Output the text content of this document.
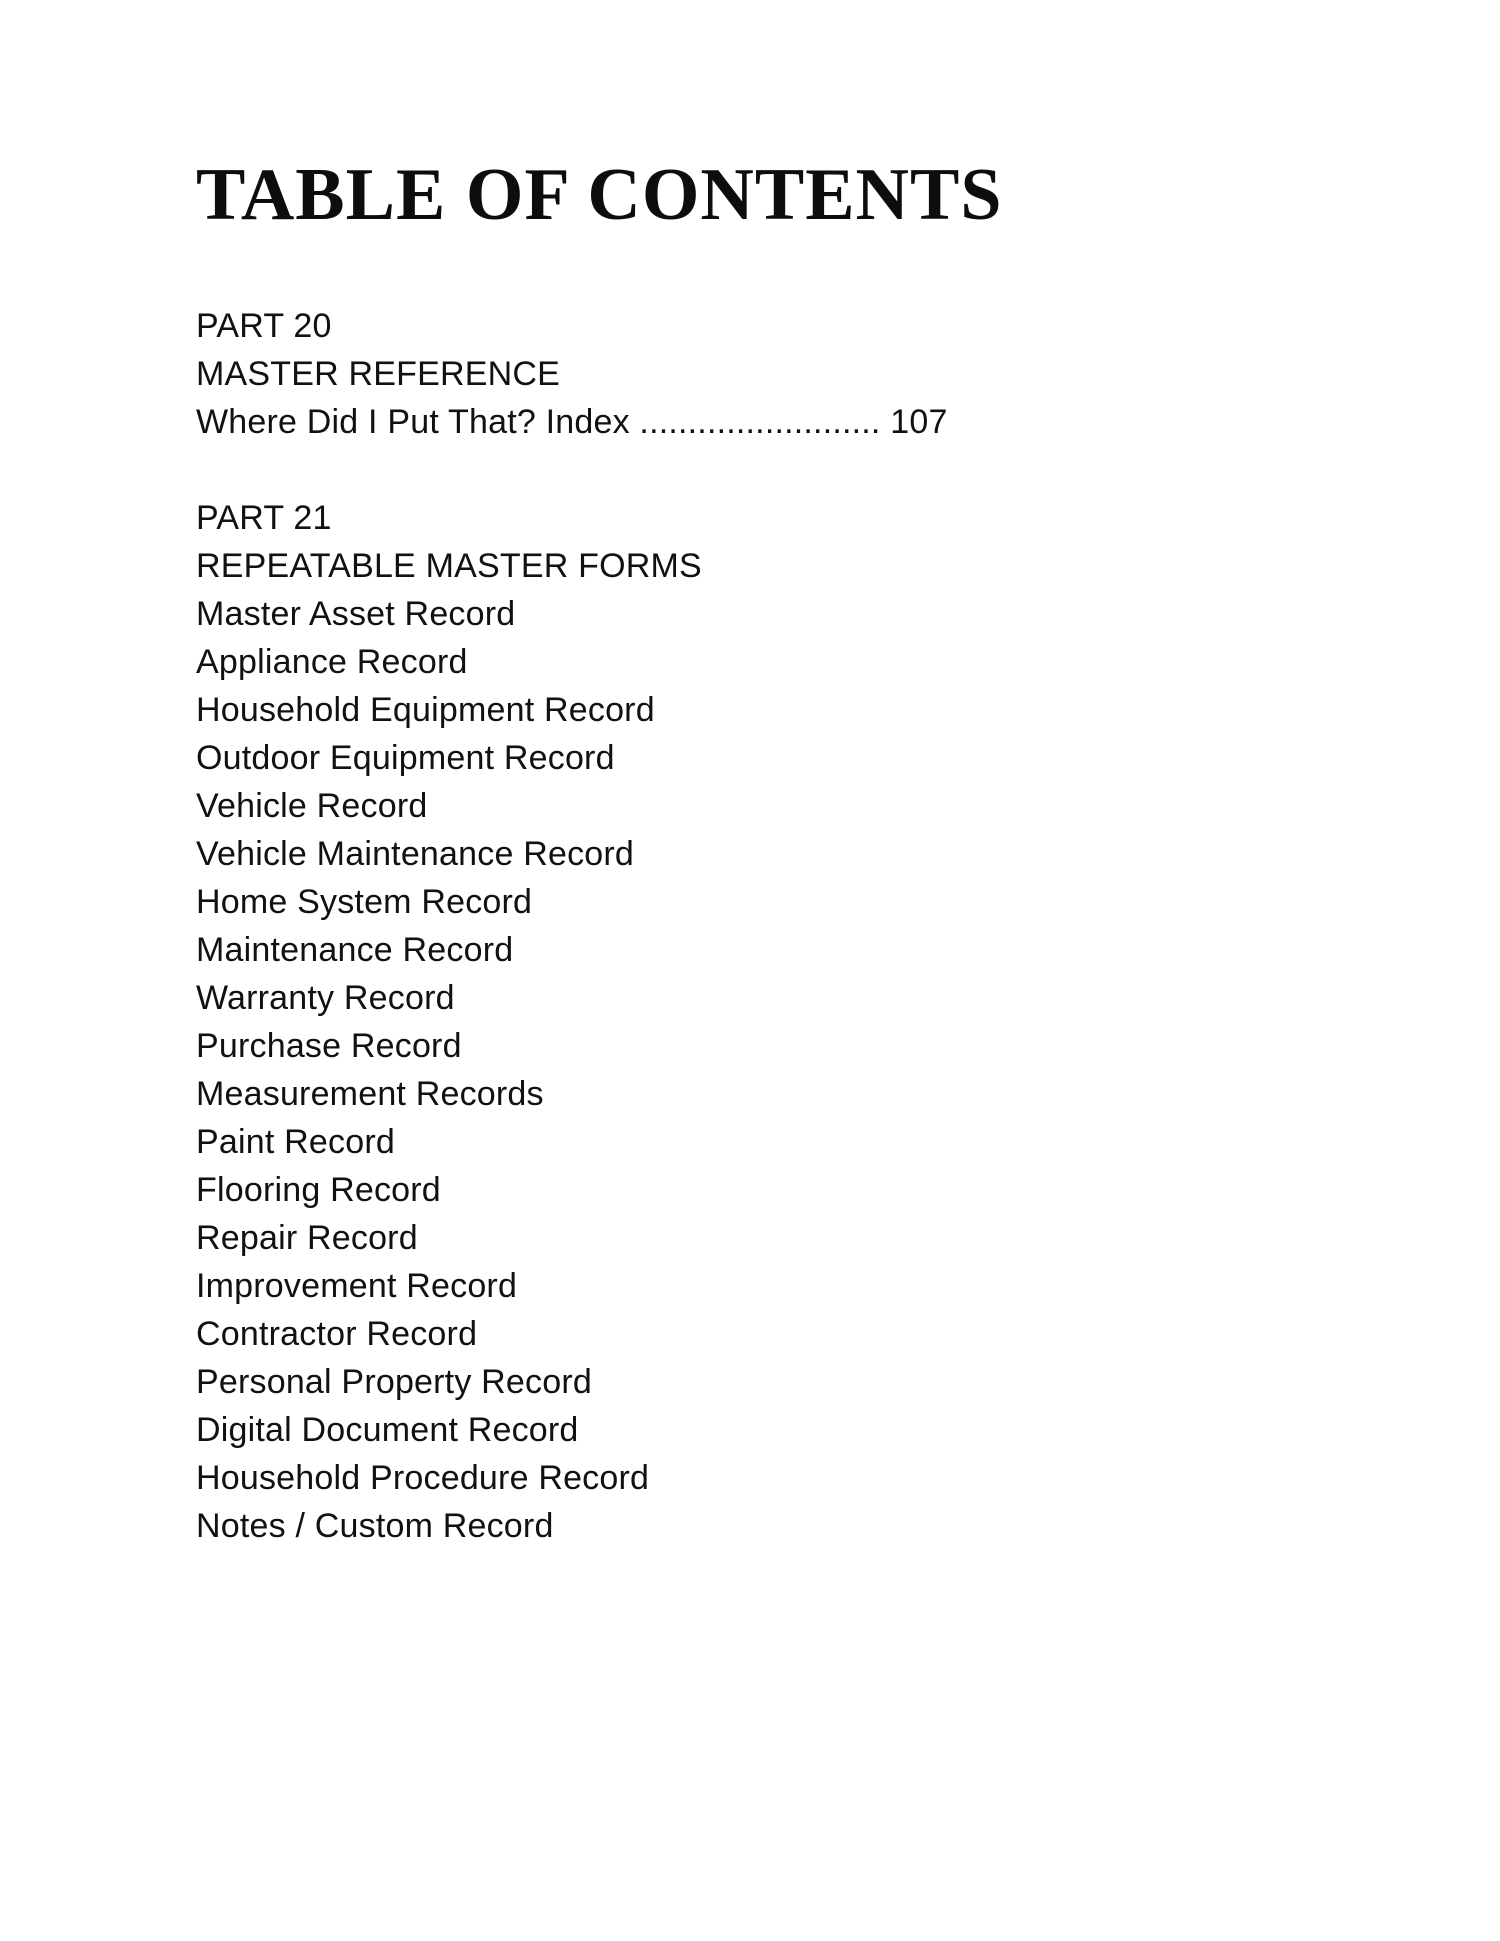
TABLE OF CONTENTS
PART 20
MASTER REFERENCE
Where Did I Put That? Index ......................... 107
PART 21
REPEATABLE MASTER FORMS
Master Asset Record
Appliance Record
Household Equipment Record
Outdoor Equipment Record
Vehicle Record
Vehicle Maintenance Record
Home System Record
Maintenance Record
Warranty Record
Purchase Record
Measurement Records
Paint Record
Flooring Record
Repair Record
Improvement Record
Contractor Record
Personal Property Record
Digital Document Record
Household Procedure Record
Notes / Custom Record
